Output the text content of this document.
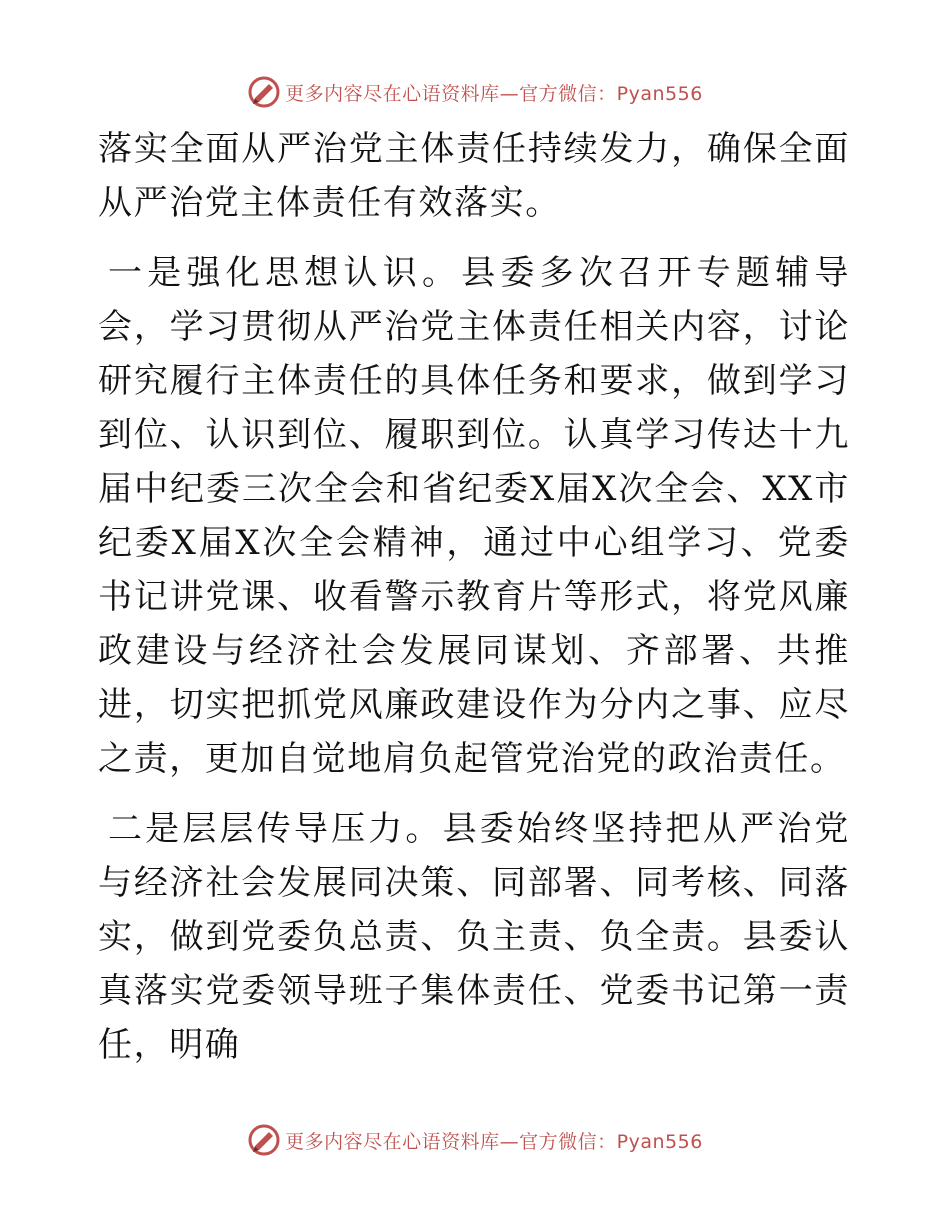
更多内容尽在心语资料库—官方微信：Pyan556

落实全面从严治党主体责任持续发力，确保全面从严治党主体责任有效落实。

一是强化思想认识。县委多次召开专题辅导会，学习贯彻从严治党主体责任相关内容，讨论研究履行主体责任的具体任务和要求，做到学习到位、认识到位、履职到位。认真学习传达十九届中纪委三次全会和省纪委X届X次全会、XX市纪委X届X次全会精神，通过中心组学习、党委书记讲党课、收看警示教育片等形式，将党风廉政建设与经济社会发展同谋划、齐部署、共推进，切实把抓党风廉政建设作为分内之事、应尽之责，更加自觉地肩负起管党治党的政治责任。

二是层层传导压力。县委始终坚持把从严治党与经济社会发展同决策、同部署、同考核、同落实，做到党委负总责、负主责、负全责。县委认真落实党委领导班子集体责任、党委书记第一责任，明确

更多内容尽在心语资料库—官方微信：Pyan556
